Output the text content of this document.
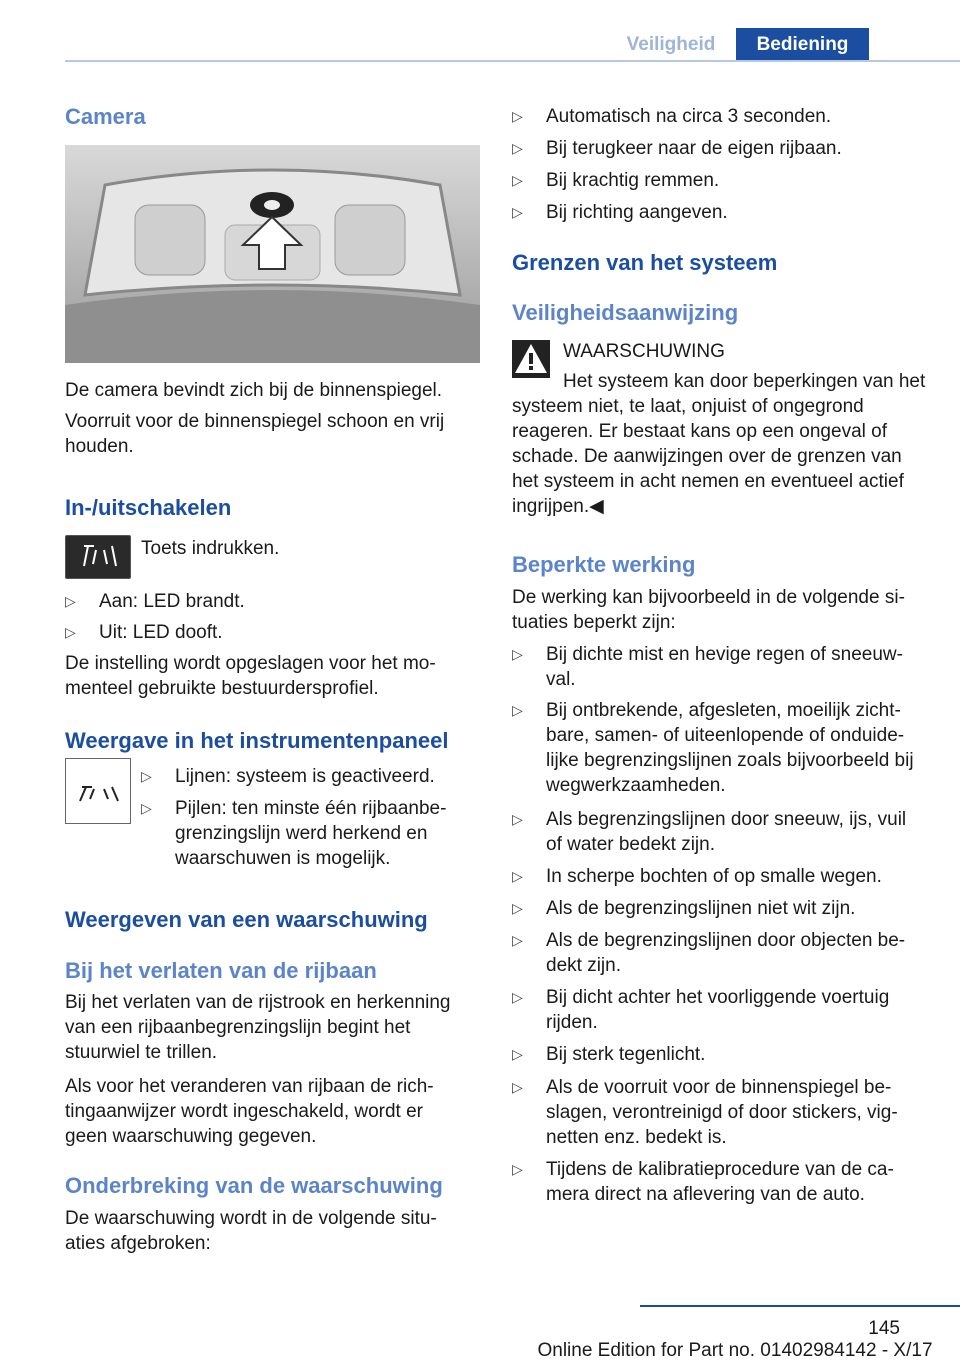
Veiligheid	Bediening
Camera
De camera bevindt zich bij de binnenspiegel.
Voorruit voor de binnenspiegel schoon en vrij houden.
In-/uitschakelen
Toets indrukken.
▷ Aan: LED brandt.
▷ Uit: LED dooft.
De instelling wordt opgeslagen voor het mo-menteel gebruikte bestuurdersprofiel.
Weergave in het instrumentenpaneel
▷ Lijnen: systeem is geactiveerd.
▷ Pijlen: ten minste één rijbaanbe-grenzingslijn werd herkend en waarschuwen is mogelijk.
Weergeven van een waarschuwing
Bij het verlaten van de rijbaan
Bij het verlaten van de rijstrook en herkenning van een rijbaanbegrenzingslijn begint het stuurwiel te trillen.
Als voor het veranderen van rijbaan de rich-tingaanwijzer wordt ingeschakeld, wordt er geen waarschuwing gegeven.
Onderbreking van de waarschuwing
De waarschuwing wordt in de volgende situ-aties afgebroken:
▷ Automatisch na circa 3 seconden.
▷ Bij terugkeer naar de eigen rijbaan.
▷ Bij krachtig remmen.
▷ Bij richting aangeven.
Grenzen van het systeem
Veiligheidsaanwijzing
WAARSCHUWING
Het systeem kan door beperkingen van het systeem niet, te laat, onjuist of ongegrond reageren. Er bestaat kans op een ongeval of schade. De aanwijzingen over de grenzen van het systeem in acht nemen en eventueel actief ingrijpen.◀
Beperkte werking
De werking kan bijvoorbeeld in de volgende si-tuaties beperkt zijn:
▷ Bij dichte mist en hevige regen of sneeuw-val.
▷ Bij ontbrekende, afgesleten, moeilijk zicht-bare, samen- of uiteenlopende of onduide-lijke begrenzingslijnen zoals bijvoorbeeld bij wegwerkzaamheden.
▷ Als begrenzingslijnen door sneeuw, ijs, vuil of water bedekt zijn.
▷ In scherpe bochten of op smalle wegen.
▷ Als de begrenzingslijnen niet wit zijn.
▷ Als de begrenzingslijnen door objecten be-dekt zijn.
▷ Bij dicht achter het voorliggende voertuig rijden.
▷ Bij sterk tegenlicht.
▷ Als de voorruit voor de binnenspiegel be-slagen, verontreinigd of door stickers, vig-netten enz. bedekt is.
▷ Tijdens de kalibratieprocedure van de ca-mera direct na aflevering van de auto.
145
Online Edition for Part no. 01402984142 - X/17
